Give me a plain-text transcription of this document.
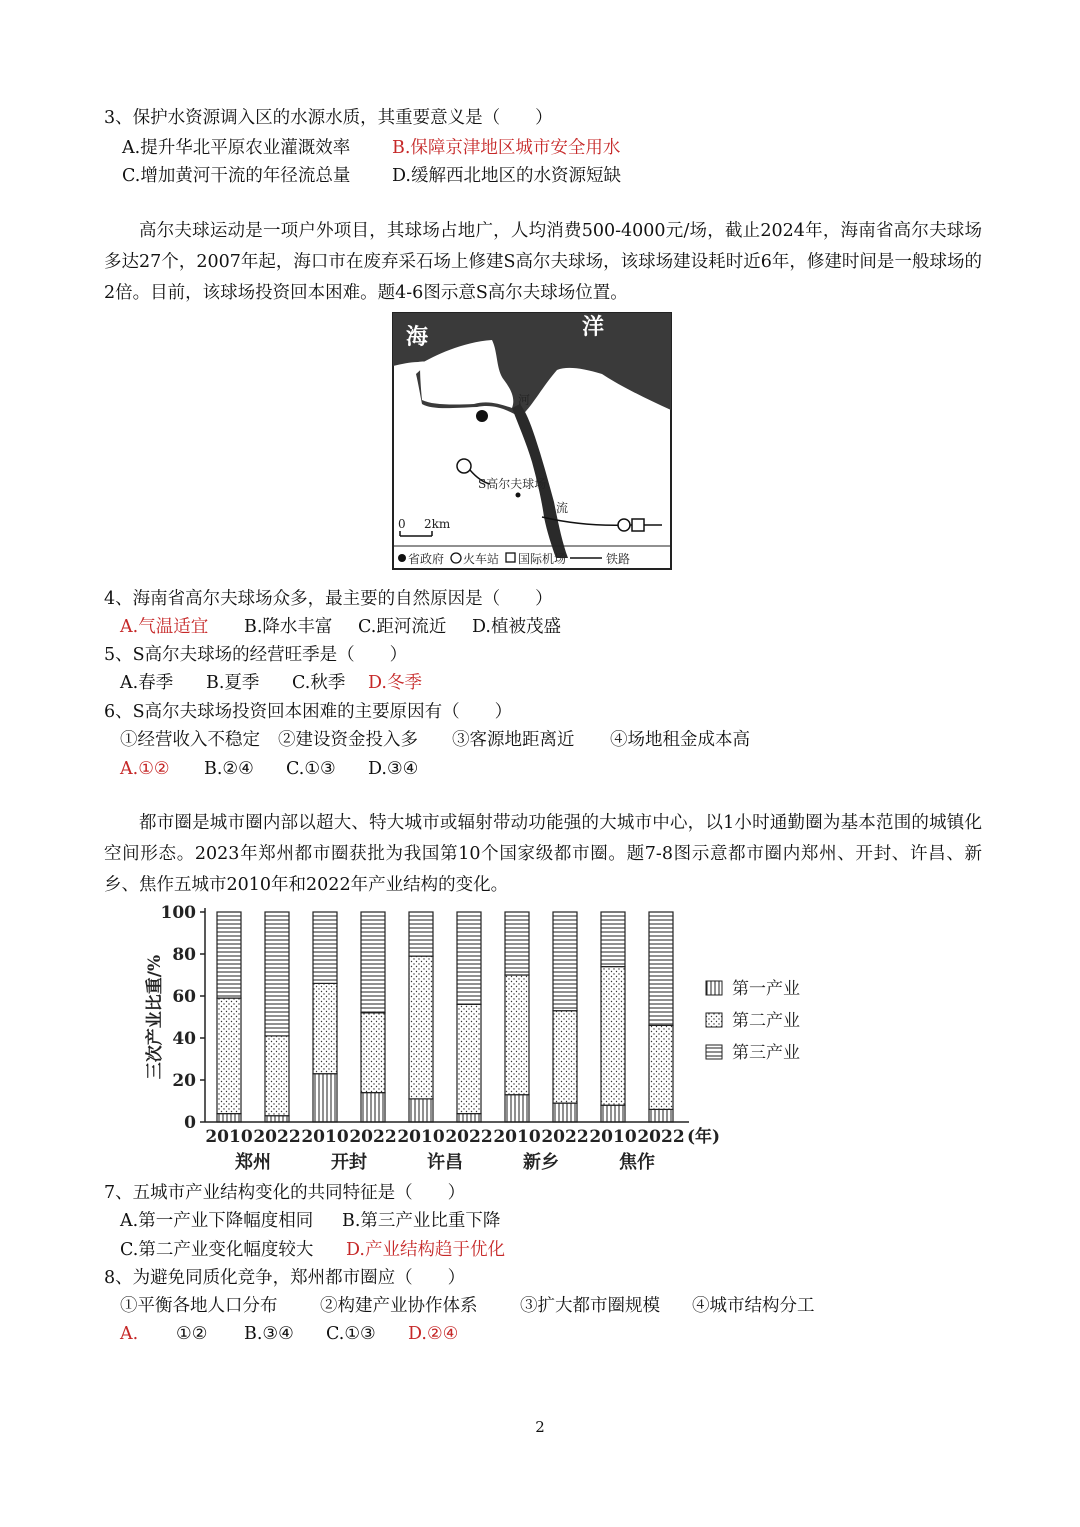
3、保护水资源调入区的水源水质，其重要意义是（　　）
A.提升华北平原农业灌溉效率 B.保障京津地区城市安全用水
C.增加黄河干流的年径流总量 D.缓解西北地区的水资源短缺

高尔夫球运动是一项户外项目，其球场占地广，人均消费500-4000元/场，截止2024年，海南省高尔夫球场多达27个，2007年起，海口市在废弃采石场上修建S高尔夫球场，该球场建设耗时近6年，修建时间是一般球场的2倍。目前，该球场投资回本困难。题4-6图示意S高尔夫球场位置。

海	洋
河
流
S高尔夫球场
0 2km
省政府 火车站 国际机场	铁路
4、海南省高尔夫球场众多，最主要的自然原因是（　　）
A.气温适宜 B.降水丰富 C.距河流近 D.植被茂盛
5、S高尔夫球场的经营旺季是（　　）
A.春季 B.夏季 C.秋季 D.冬季
6、S高尔夫球场投资回本困难的主要原因有（　　）
①经营收入不稳定 ②建设资金投入多 ③客源地距离近 ④场地租金成本高
A.①② B.②④ C.①③ D.③④

都市圈是城市圈内部以超大、特大城市或辐射带动功能强的大城市中心，以1小时通勤圈为基本范围的城镇化空间形态。2023年郑州都市圈获批为我国第10个国家级都市圈。题7-8图示意都市圈内郑州、开封、许昌、新乡、焦作五城市2010年和2022年产业结构的变化。

2010 2022 2010 2022 2010 2022 2010 2022 2010 2022
0
20
40
60
80
100
(年)
郑州	开封	许昌	新乡	焦作
三次产业比重/%	第一产业
第二产业
第三产业
7、五城市产业结构变化的共同特征是（　　）
A.第一产业下降幅度相同 B.第三产业比重下降
C.第二产业变化幅度较大 D.产业结构趋于优化
8、为避免同质化竞争，郑州都市圈应（　　）
①平衡各地人口分布 ②构建产业协作体系 ③扩大都市圈规模 ④城市结构分工
A. ①② B.③④ C.①③ D.②④
2
